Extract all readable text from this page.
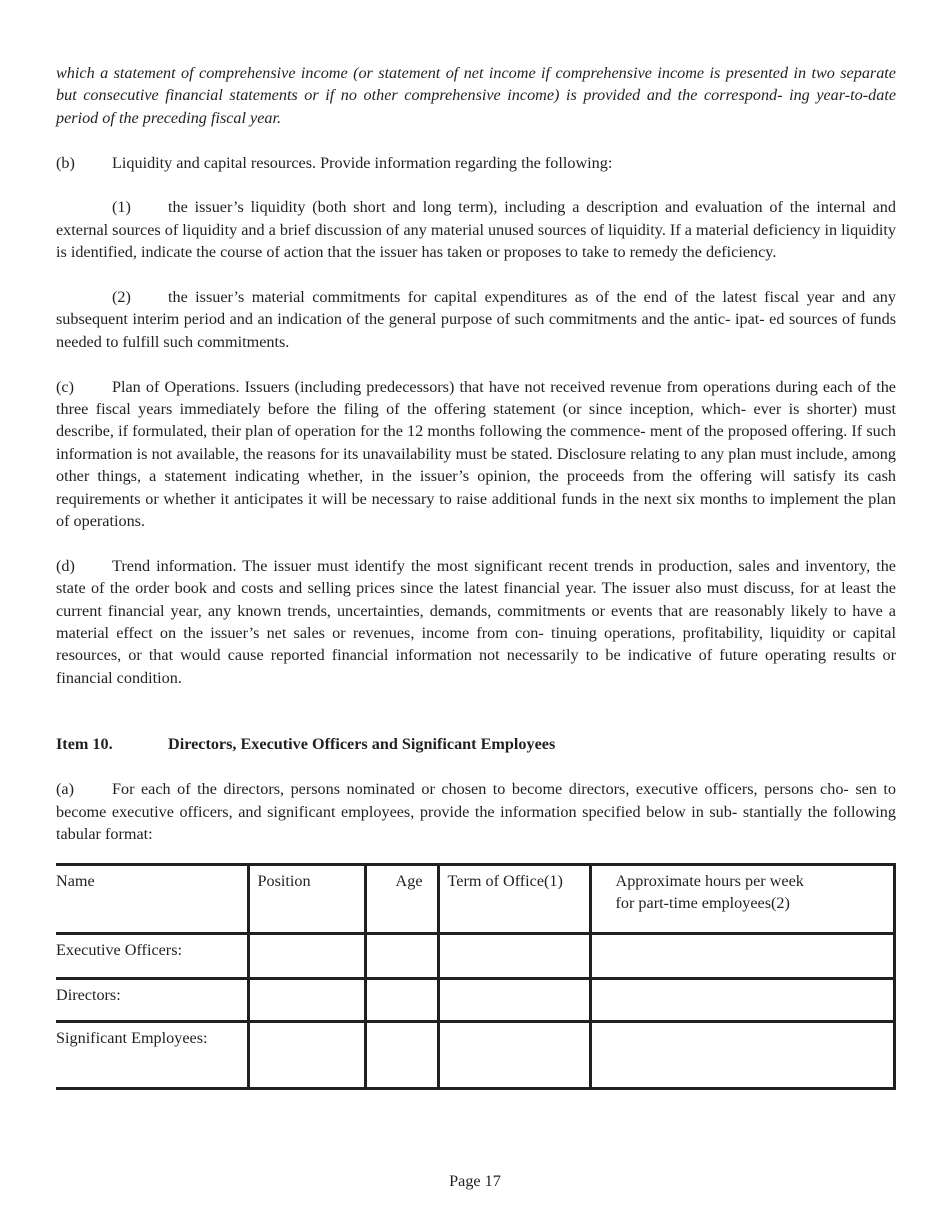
which a statement of comprehensive income (or statement of net income if comprehensive income is presented in two separate but consecutive financial statements or if no other comprehensive income) is provided and the correspond- ing year-to-date period of the preceding fiscal year.

(b) Liquidity and capital resources. Provide information regarding the following:

(1) the issuer’s liquidity (both short and long term), including a description and evaluation of the internal and external sources of liquidity and a brief discussion of any material unused sources of liquidity. If a material deficiency in liquidity is identified, indicate the course of action that the issuer has taken or proposes to take to remedy the deficiency.

(2) the issuer’s material commitments for capital expenditures as of the end of the latest fiscal year and any subsequent interim period and an indication of the general purpose of such commitments and the antic- ipat- ed sources of funds needed to fulfill such commitments.

(c) Plan of Operations. Issuers (including predecessors) that have not received revenue from operations during each of the three fiscal years immediately before the filing of the offering statement (or since inception, which- ever is shorter) must describe, if formulated, their plan of operation for the 12 months following the commence- ment of the proposed offering. If such information is not available, the reasons for its unavailability must be stated. Disclosure relating to any plan must include, among other things, a statement indicating whether, in the issuer’s opinion, the proceeds from the offering will satisfy its cash requirements or whether it anticipates it will be necessary to raise additional funds in the next six months to implement the plan of operations.

(d) Trend information. The issuer must identify the most significant recent trends in production, sales and inventory, the state of the order book and costs and selling prices since the latest financial year. The issuer also must discuss, for at least the current financial year, any known trends, uncertainties, demands, commitments or events that are reasonably likely to have a material effect on the issuer’s net sales or revenues, income from con- tinuing operations, profitability, liquidity or capital resources, or that would cause reported financial information not necessarily to be indicative of future operating results or financial condition.

Item 10.	Directors, Executive Officers and Significant Employees

(a) For each of the directors, persons nominated or chosen to become directors, executive officers, persons cho- sen to become executive officers, and significant employees, provide the information specified below in sub- stantially the following tabular format:

Name	Position	Age	Term of Office(1)	Approximate hours per week for part-time employees(2)

Executive Officers:				
Directors:				
Significant Employees:				
Page 17
